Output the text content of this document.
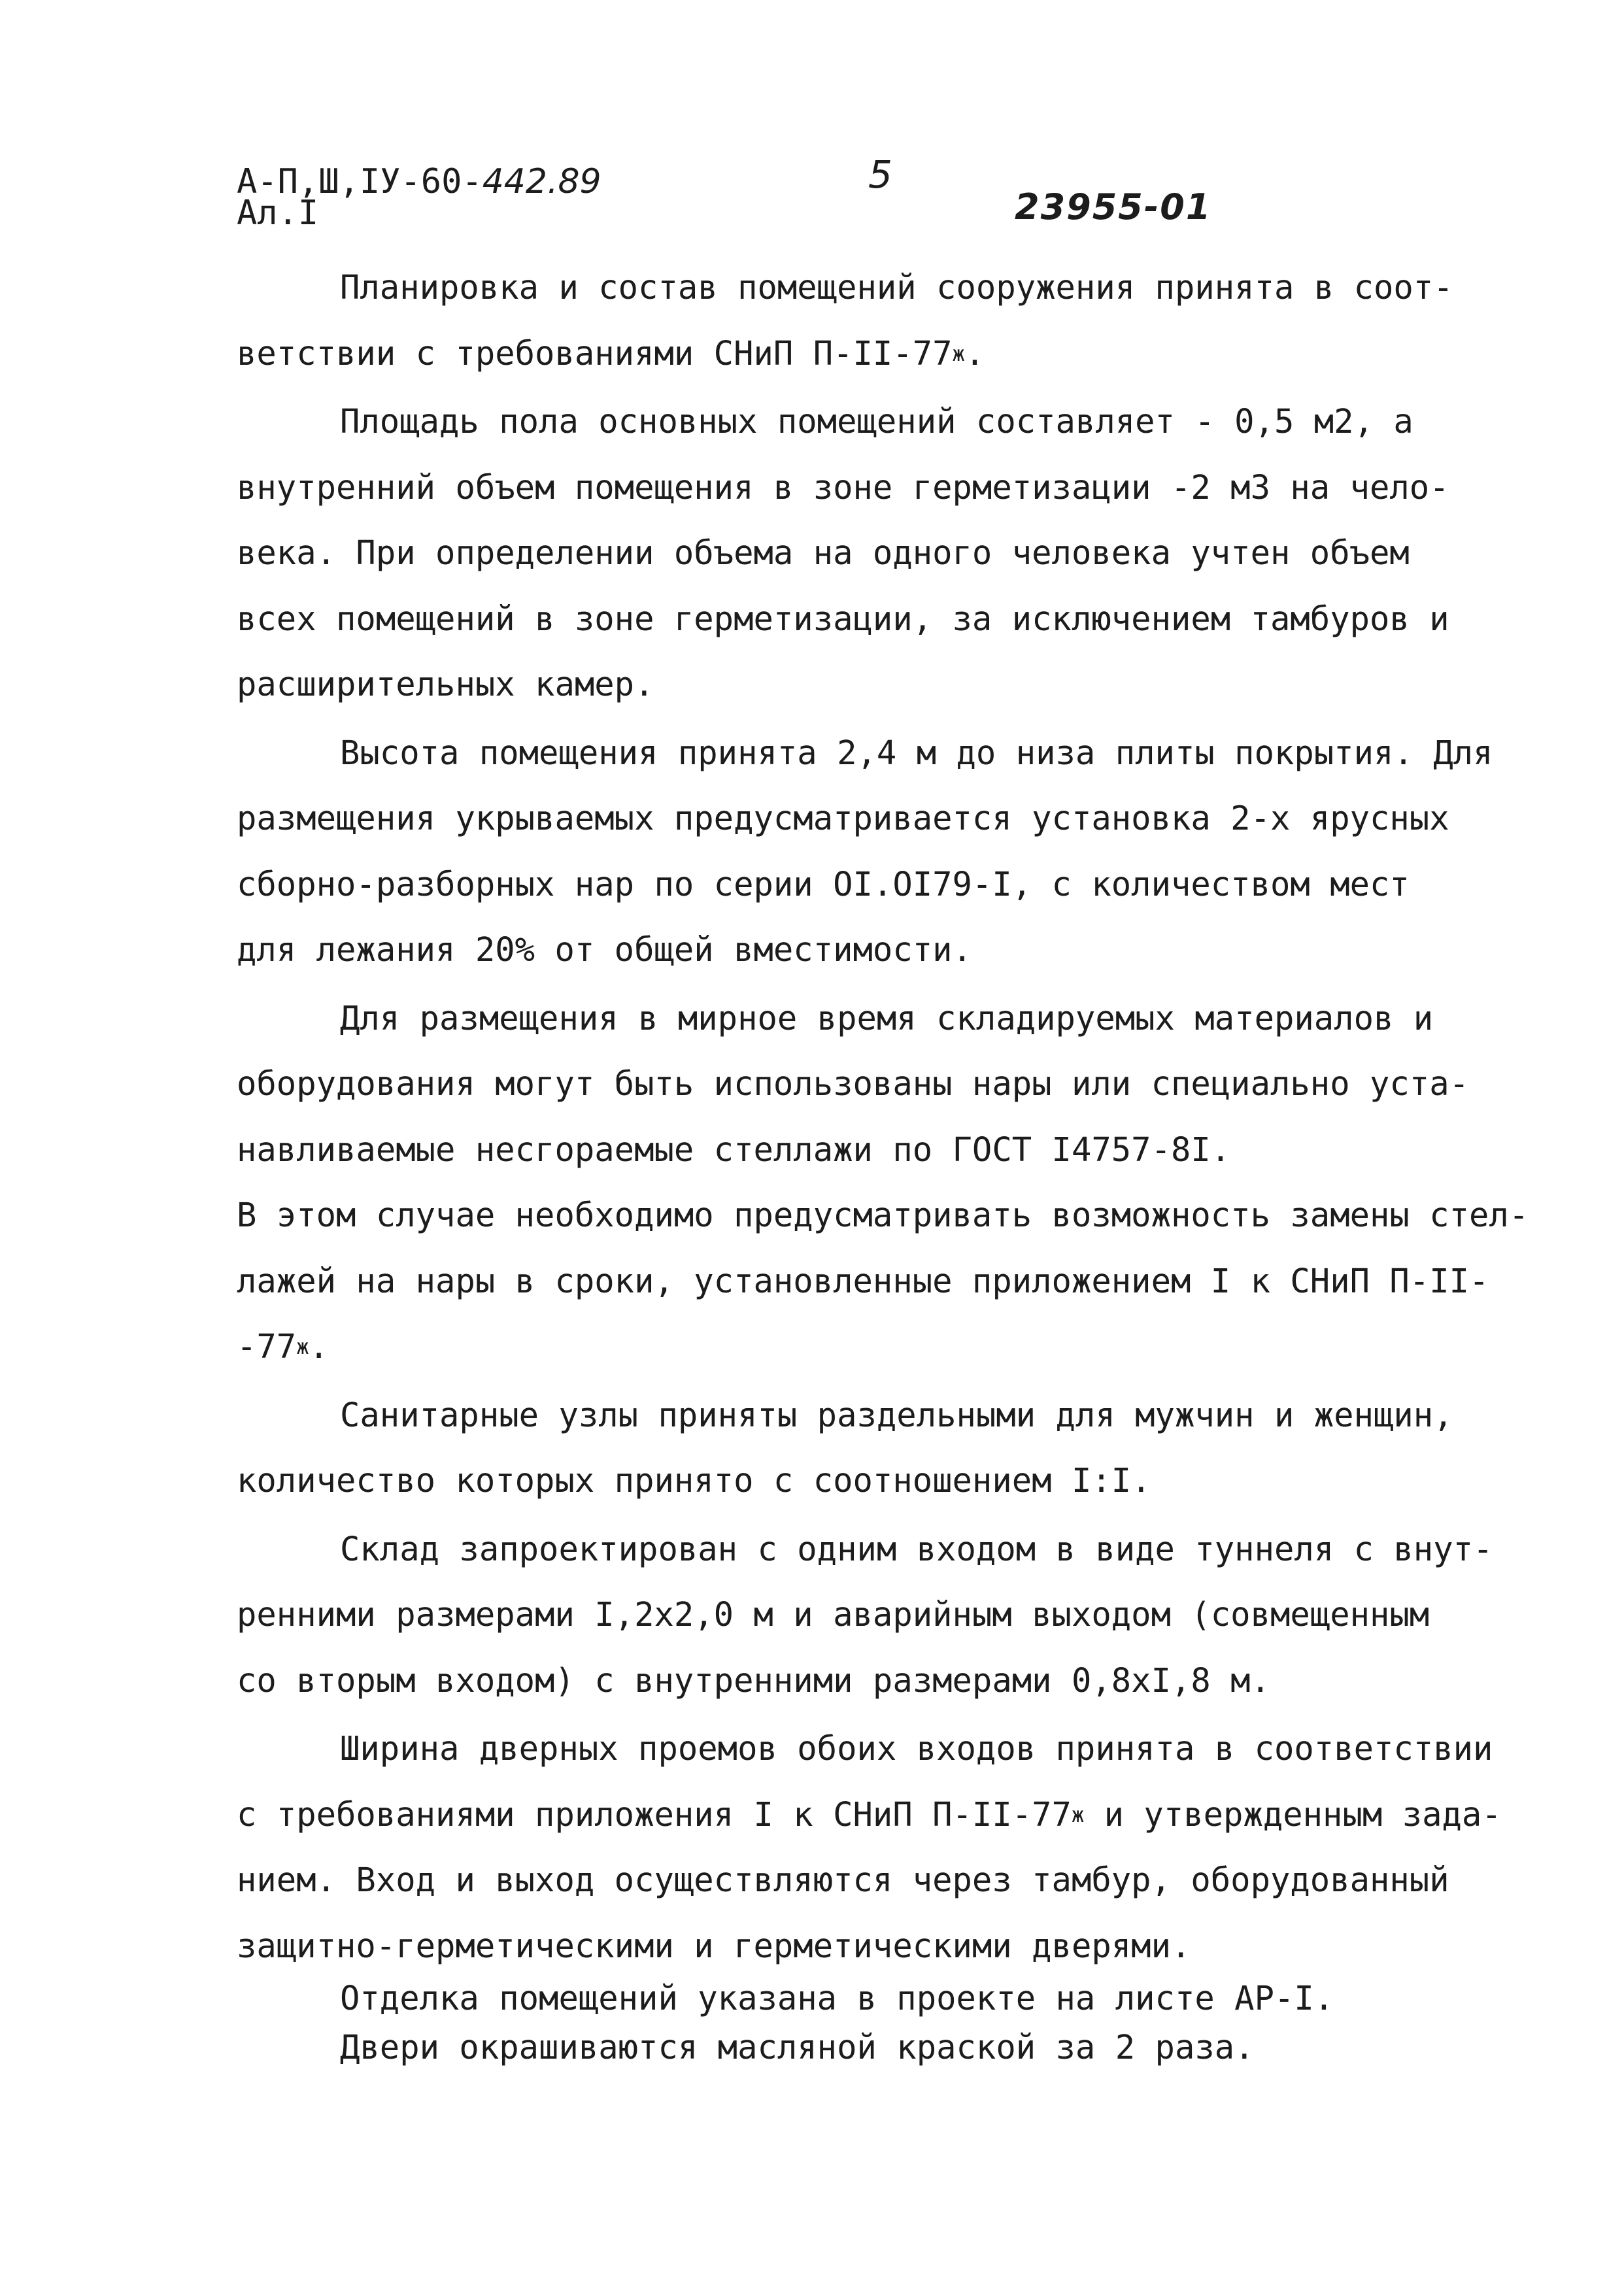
А-П,Ш,IУ-60-442.89
Ал.I
5
23955-01
Планировка и состав помещений сооружения принята в соот-
ветствии с требованиями СНиП $П-II-77^ж$.
Площадь пола основных помещений составляет - 0,5 м2, а
внутренний объем помещения в зоне герметизации -2 м3 на чело-
века. При определении объема на одного человека учтен объем
всех помещений в зоне герметизации, за исключением тамбуров и
расширительных камер.
Высота помещения принята 2,4 м до низа плиты покрытия. Для
размещения укрываемых предусматривается установка 2-х ярусных
сборно-разборных нар по серии OI.OI79-I, с количеством мест
для лежания 20% от общей вместимости.
Для размещения в мирное время складируемых материалов и
оборудования могут быть использованы нары или специально уста-
навливаемые несгораемые стеллажи по ГОСТ I4757-8I.
В этом случае необходимо предусматривать возможность замены стел-
лажей на нары в сроки, установленные приложением I к СНиП П-II-
$-77^ж$.
Санитарные узлы приняты раздельными для мужчин и женщин,
количество которых принято с соотношением I:I.
Склад запроектирован с одним входом в виде туннеля с внут-
ренними размерами I,2x2,0 м и аварийным выходом (совмещенным
со вторым входом) с внутренними размерами 0,8xI,8 м.
Ширина дверных проемов обоих входов принята в соответствии
с требованиями приложения I к СНиП $П-II-77^ж$ и утвержденным зада-
нием. Вход и выход осуществляются через тамбур, оборудованный
защитно-герметическими и герметическими дверями.
Отделка помещений указана в проекте на листе АР-I.
Двери окрашиваются масляной краской за 2 раза.
